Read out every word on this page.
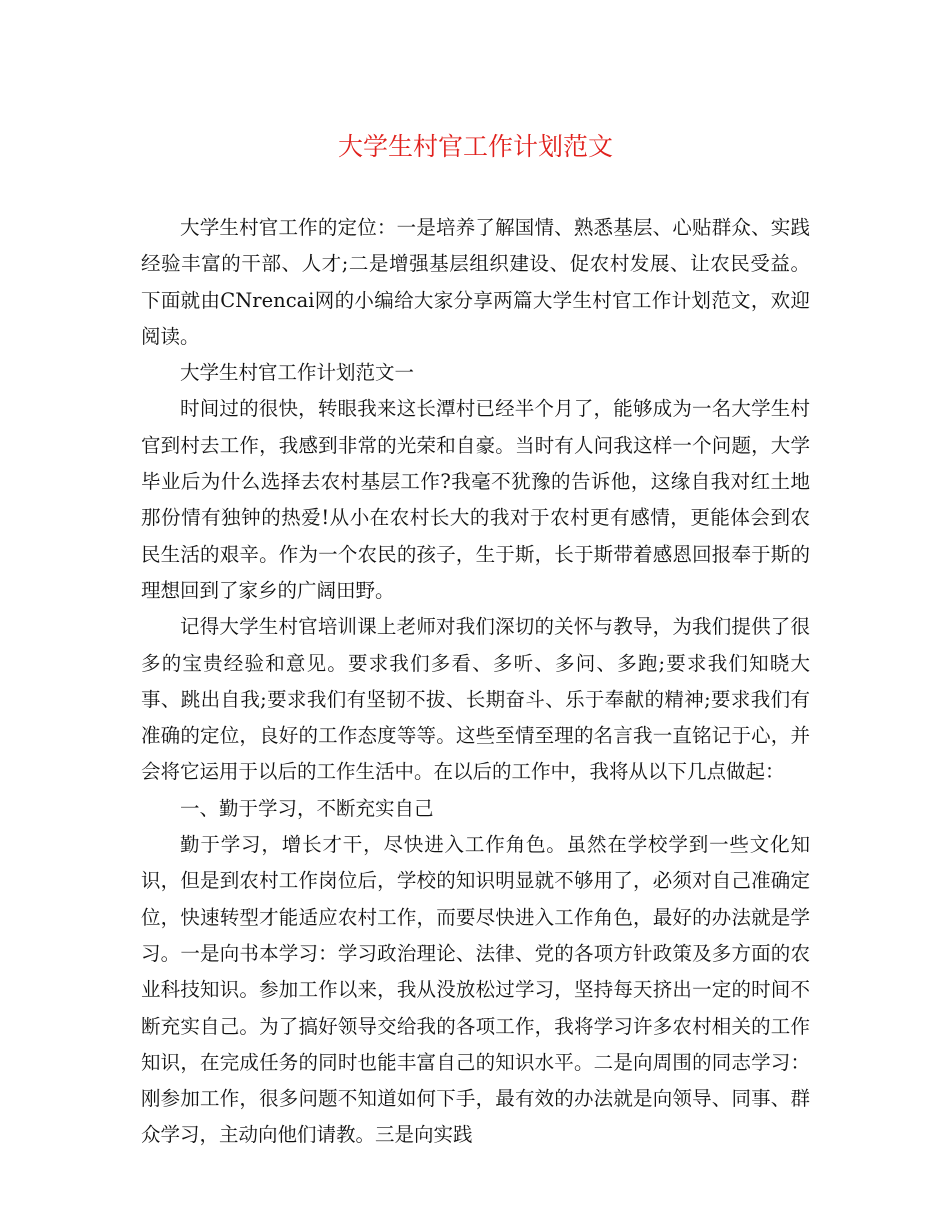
大学生村官工作计划范文

大学生村官工作的定位：一是培养了解国情、熟悉基层、心贴群众、实践经验丰富的干部、人才;二是增强基层组织建设、促农村发展、让农民受益。下面就由CNrencai网的小编给大家分享两篇大学生村官工作计划范文，欢迎阅读。

大学生村官工作计划范文一

时间过的很快，转眼我来这长潭村已经半个月了，能够成为一名大学生村官到村去工作，我感到非常的光荣和自豪。当时有人问我这样一个问题，大学毕业后为什么选择去农村基层工作?我毫不犹豫的告诉他，这缘自我对红土地那份情有独钟的热爱!从小在农村长大的我对于农村更有感情，更能体会到农民生活的艰辛。作为一个农民的孩子，生于斯，长于斯带着感恩回报奉于斯的理想回到了家乡的广阔田野。

记得大学生村官培训课上老师对我们深切的关怀与教导，为我们提供了很多的宝贵经验和意见。要求我们多看、多听、多问、多跑;要求我们知晓大事、跳出自我;要求我们有坚韧不拔、长期奋斗、乐于奉献的精神;要求我们有准确的定位，良好的工作态度等等。这些至情至理的名言我一直铭记于心，并会将它运用于以后的工作生活中。在以后的工作中，我将从以下几点做起：

一、勤于学习，不断充实自己

勤于学习，增长才干，尽快进入工作角色。虽然在学校学到一些文化知识，但是到农村工作岗位后，学校的知识明显就不够用了，必须对自己准确定位，快速转型才能适应农村工作，而要尽快进入工作角色，最好的办法就是学习。一是向书本学习：学习政治理论、法律、党的各项方针政策及多方面的农业科技知识。参加工作以来，我从没放松过学习，坚持每天挤出一定的时间不断充实自己。为了搞好领导交给我的各项工作，我将学习许多农村相关的工作知识，在完成任务的同时也能丰富自己的知识水平。二是向周围的同志学习：刚参加工作，很多问题不知道如何下手，最有效的办法就是向领导、同事、群众学习，主动向他们请教。三是向实践
